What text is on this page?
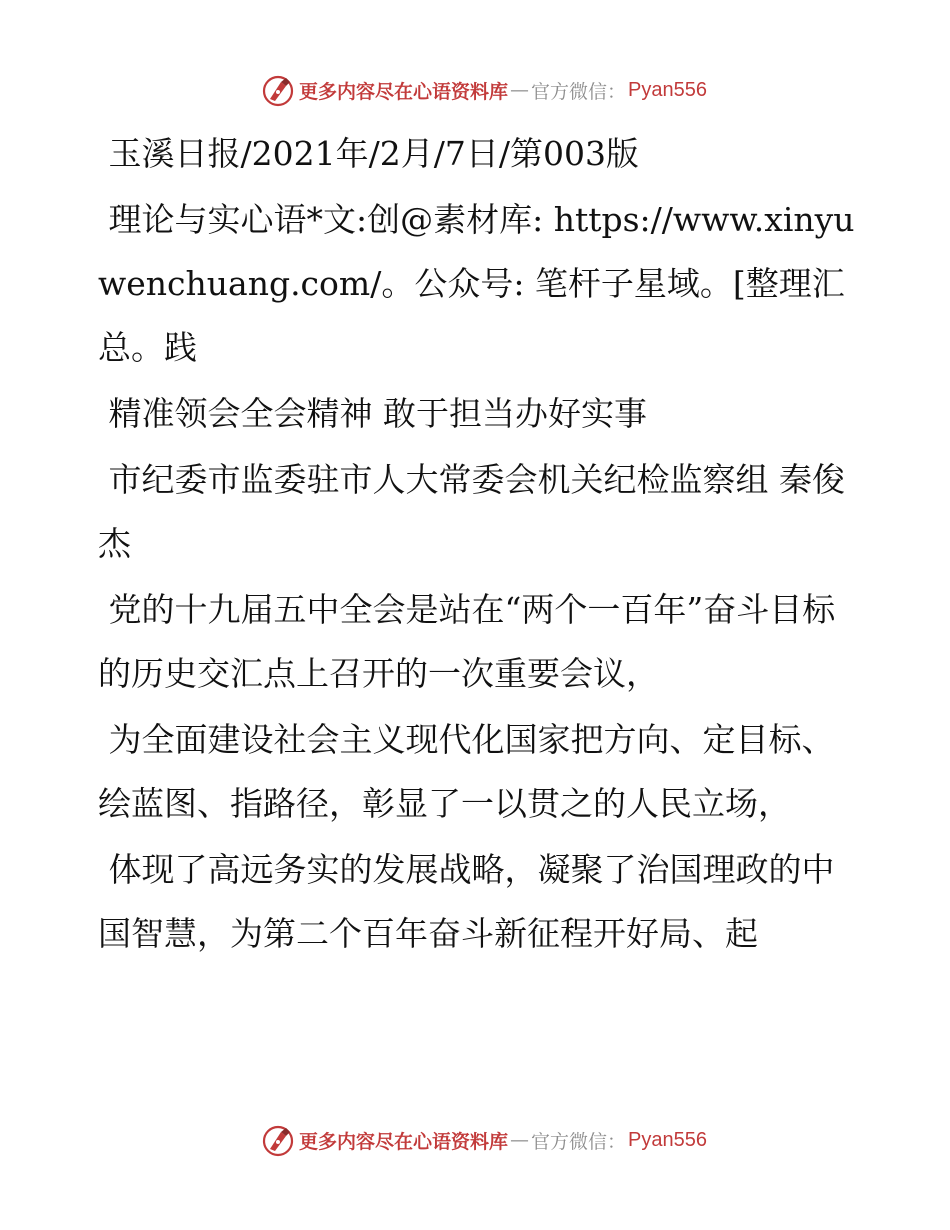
更多内容尽在心语资料库 — 官方微信： Pyan556

玉溪日报/2021年/2月/7日/第003版

理论与实心语*文:创@素材库: https://www.xinyuwenchuang.com/。公众号: 笔杆子星域。[整理汇总。践

精准领会全会精神 敢于担当办好实事

市纪委市监委驻市人大常委会机关纪检监察组 秦俊杰

党的十九届五中全会是站在“两个一百年”奋斗目标的历史交汇点上召开的一次重要会议，

为全面建设社会主义现代化国家把方向、定目标、绘蓝图、指路径，彰显了一以贯之的人民立场，

体现了高远务实的发展战略，凝聚了治国理政的中国智慧，为第二个百年奋斗新征程开好局、起

更多内容尽在心语资料库 — 官方微信： Pyan556
